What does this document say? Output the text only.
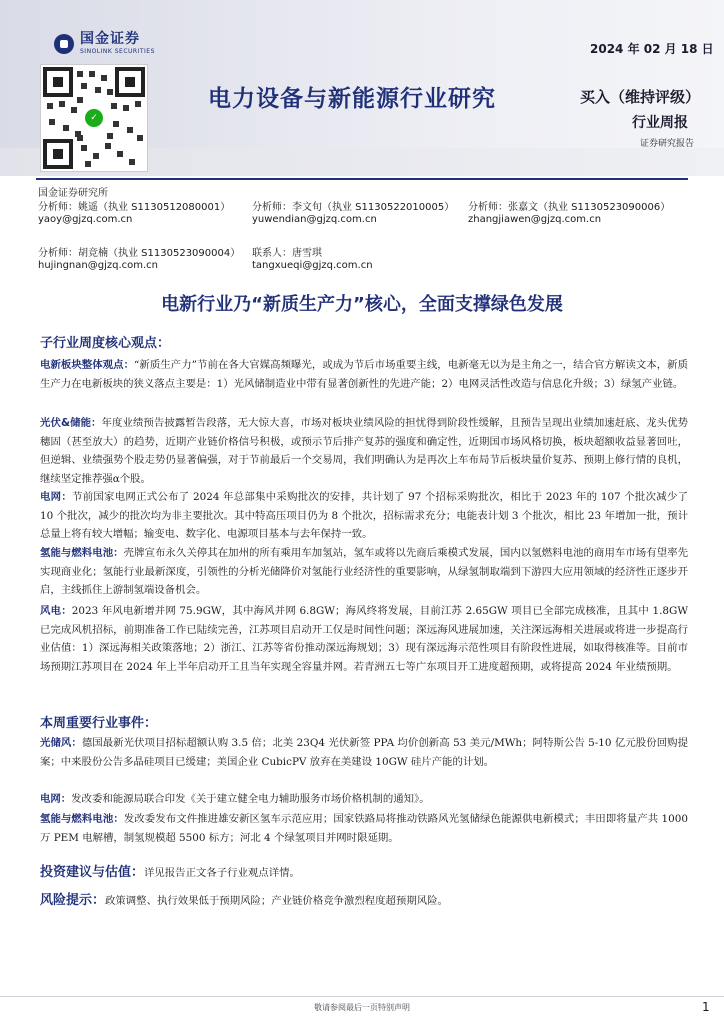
国金证券
SINOLINK SECURITIES
✓
2024 年 02 月 18 日
电力设备与新能源行业研究	买入（维持评级）
行业周报
证券研究报告
国金证券研究所
分析师：姚遥（执业 S1130512080001）
yaoy@gjzq.com.cn
分析师：李文旬（执业 S1130522010005）
yuwendian@gjzq.com.cn
分析师：张嘉文（执业 S1130523090006）
zhangjiawen@gjzq.com.cn
分析师：胡竞楠（执业 S1130523090004）
hujingnan@gjzq.com.cn
联系人：唐雪琪
tangxueqi@gjzq.com.cn
电新行业乃“新质生产力”核心，全面支撑绿色发展
子行业周度核心观点：
电新板块整体观点：“新质生产力”节前在各大官媒高频曝光，或成为节后市场重要主线，电新毫无以为是主角之一，结合官方解读文本，新质生产力在电新板块的狭义落点主要是：1）光风储制造业中带有显著创新性的先进产能；2）电网灵活性改造与信息化升级；3）绿氢产业链。
光伏&储能：年度业绩预告披露暂告段落，无大惊大喜，市场对板块业绩风险的担忧得到阶段性缓解，且预告呈现出业绩加速赶底、龙头优势穗固（甚至放大）的趋势，近期产业链价格信号积极，或预示节后排产复苏的强度和确定性，近期国市场风格切换，板块超额收益显著回吐，但逆辑、业绩强势个股走势仍显著偏强，对于节前最后一个交易周，我们明确认为是再次上车布局节后板块量价复苏、预期上修行情的良机，继续坚定推荐强α个股。
电网：节前国家电网正式公布了 2024 年总部集中采购批次的安排，共计划了 97 个招标采购批次，相比于 2023 年的 107 个批次减少了 10 个批次，减少的批次均为非主要批次。其中特高压项目仍为 8 个批次，招标需求充分；电能表计划 3 个批次，相比 23 年增加一批，预计总量上将有较大增幅；输变电、数字化、电源项目基本与去年保持一致。
氢能与燃料电池：壳牌宣布永久关停其在加州的所有乘用车加氢站，氢车或将以先商后乘模式发展，国内以氢燃料电池的商用车市场有望率先实现商业化；氢能行业最新深度，引领性的分析光储降价对氢能行业经济性的重要影响，从绿氢制取端到下游四大应用领域的经济性正逐步开启，主线抓住上游制氢端设备机会。
风电：2023 年风电新增并网 75.9GW，其中海风并网 6.8GW；海风终将发展，目前江苏 2.65GW 项目已全部完成核准，且其中 1.8GW 已完成风机招标，前期准备工作已陆续完善，江苏项目启动开工仅是时间性问题；深远海风进展加速，关注深远海相关进展或将进一步提高行业估值：1）深远海相关政策落地；2）浙江、江苏等省份推动深远海规划；3）现有深远海示范性项目有阶段性进展，如取得核准等。目前市场预期江苏项目在 2024 年上半年启动开工且当年实现全容量并网。若青洲五七等广东项目开工进度超预期，或将提高 2024 年业绩预期。
本周重要行业事件：
光储风：德国最新光伏项目招标超额认购 3.5 倍；北美 23Q4 光伏新签 PPA 均价创新高 53 美元/MWh；阿特斯公告 5-10 亿元股份回购提案；中来股份公告多晶硅项目已缓建；美国企业 CubicPV 放弃在美建设 10GW 硅片产能的计划。
电网：发改委和能源局联合印发《关于建立健全电力辅助服务市场价格机制的通知》。
氢能与燃料电池：发改委发布文件推进雄安新区氢车示范应用；国家铁路局将推动铁路风光氢储绿色能源供电新模式；丰田即将量产共 1000 万 PEM 电解槽，制氢规模超 5500 标方；河北 4 个绿氢项目并网时限延期。
投资建议与估值：详见报告正文各子行业观点详情。
风险提示：政策调整、执行效果低于预期风险；产业链价格竞争激烈程度超预期风险。
敬请参阅最后一页特别声明	1
